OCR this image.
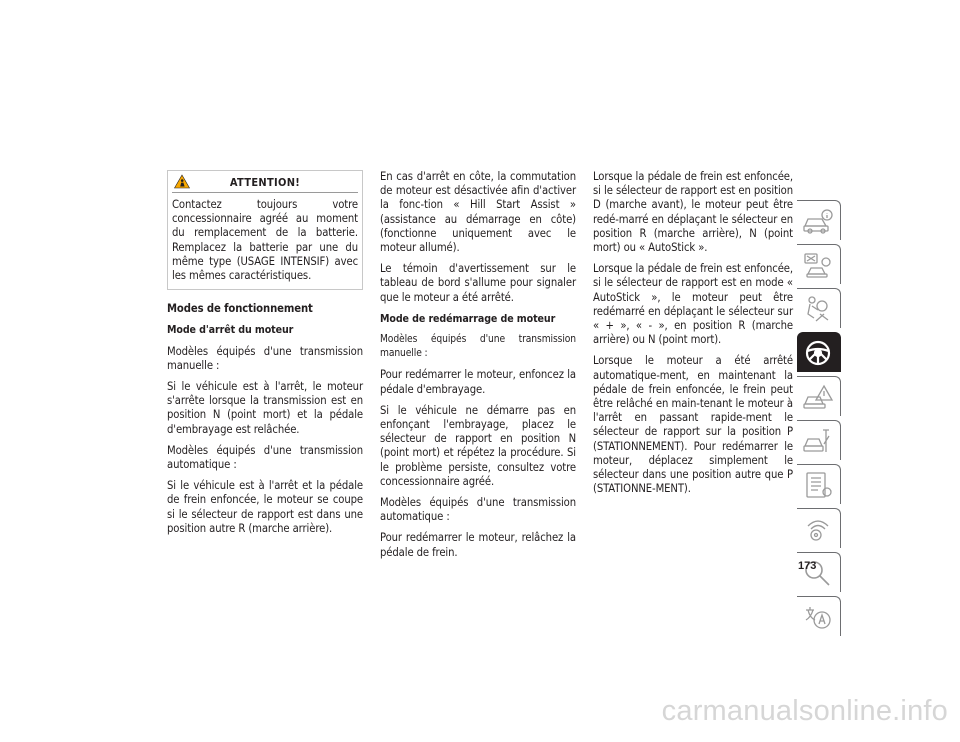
ATTENTION!
Contactez toujours votre concessionnaire agréé au moment du remplacement de la batterie. Remplacez la batterie par une du même type (USAGE INTENSIF) avec les mêmes caractéristiques.

Modes de fonctionnement

Mode d'arrêt du moteur

Modèles équipés d'une transmission manuelle :

Si le véhicule est à l'arrêt, le moteur s'arrête lorsque la transmission est en position N (point mort) et la pédale d'embrayage est relâchée.

Modèles équipés d'une transmission automatique :

Si le véhicule est à l'arrêt et la pédale de frein enfoncée, le moteur se coupe si le sélecteur de rapport est dans une position autre R (marche arrière).

En cas d'arrêt en côte, la commutation de moteur est désactivée afin d'activer la fonc-tion « Hill Start Assist » (assistance au démarrage en côte) (fonctionne uniquement avec le moteur allumé).

Le témoin d'avertissement sur le tableau de bord s'allume pour signaler que le moteur a été arrêté.

Mode de redémarrage de moteur

Modèles équipés d'une transmission manuelle :

Pour redémarrer le moteur, enfoncez la pédale d'embrayage.

Si le véhicule ne démarre pas en enfonçant l'embrayage, placez le sélecteur de rapport en position N (point mort) et répétez la procédure. Si le problème persiste, consultez votre concessionnaire agréé.

Modèles équipés d'une transmission automatique :

Pour redémarrer le moteur, relâchez la pédale de frein.

Lorsque la pédale de frein est enfoncée, si le sélecteur de rapport est en position D (marche avant), le moteur peut être redé-marré en déplaçant le sélecteur en position R (marche arrière), N (point mort) ou « AutoStick ».

Lorsque la pédale de frein est enfoncée, si le sélecteur de rapport est en mode « AutoStick », le moteur peut être redémarré en déplaçant le sélecteur sur « + », « - », en position R (marche arrière) ou N (point mort).

Lorsque le moteur a été arrêté automatique-ment, en maintenant la pédale de frein enfoncée, le frein peut être relâché en main-tenant le moteur à l'arrêt en passant rapide-ment le sélecteur de rapport sur la position P (STATIONNEMENT). Pour redémarrer le moteur, déplacez simplement le sélecteur dans une position autre que P (STATIONNE-MENT).

173
carmanualsonline.info
